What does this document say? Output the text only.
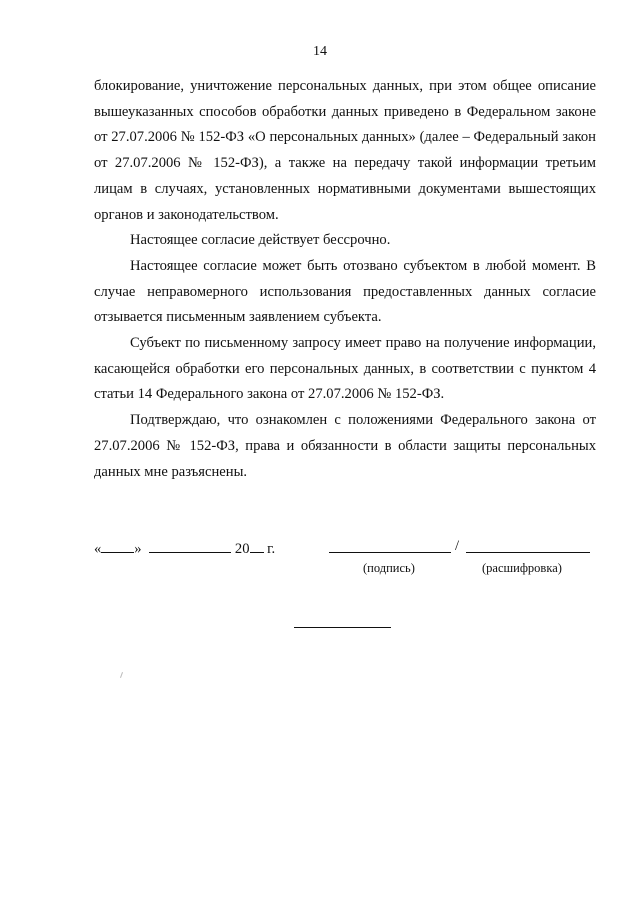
14

блокирование, уничтожение персональных данных, при этом общее описание вышеуказанных способов обработки данных приведено в Федеральном законе от 27.07.2006 № 152-ФЗ «О персональных данных» (далее – Федеральный закон от 27.07.2006 № 152-ФЗ), а также на передачу такой информации третьим лицам в случаях, установленных нормативными документами вышестоящих органов и законодательством.

Настоящее согласие действует бессрочно.

Настоящее согласие может быть отозвано субъектом в любой момент. В случае неправомерного использования предоставленных данных согласие отзывается письменным заявлением субъекта.

Субъект по письменному запросу имеет право на получение информации, касающейся обработки его персональных данных, в соответствии с пунктом 4 статьи 14 Федерального закона от 27.07.2006 № 152-ФЗ.

Подтверждаю, что ознакомлен с положениями Федерального закона от 27.07.2006 № 152-ФЗ, права и обязанности в области защиты персональных данных мне разъяснены.

« »	20 г.	/
(подпись)	(расшифровка)
